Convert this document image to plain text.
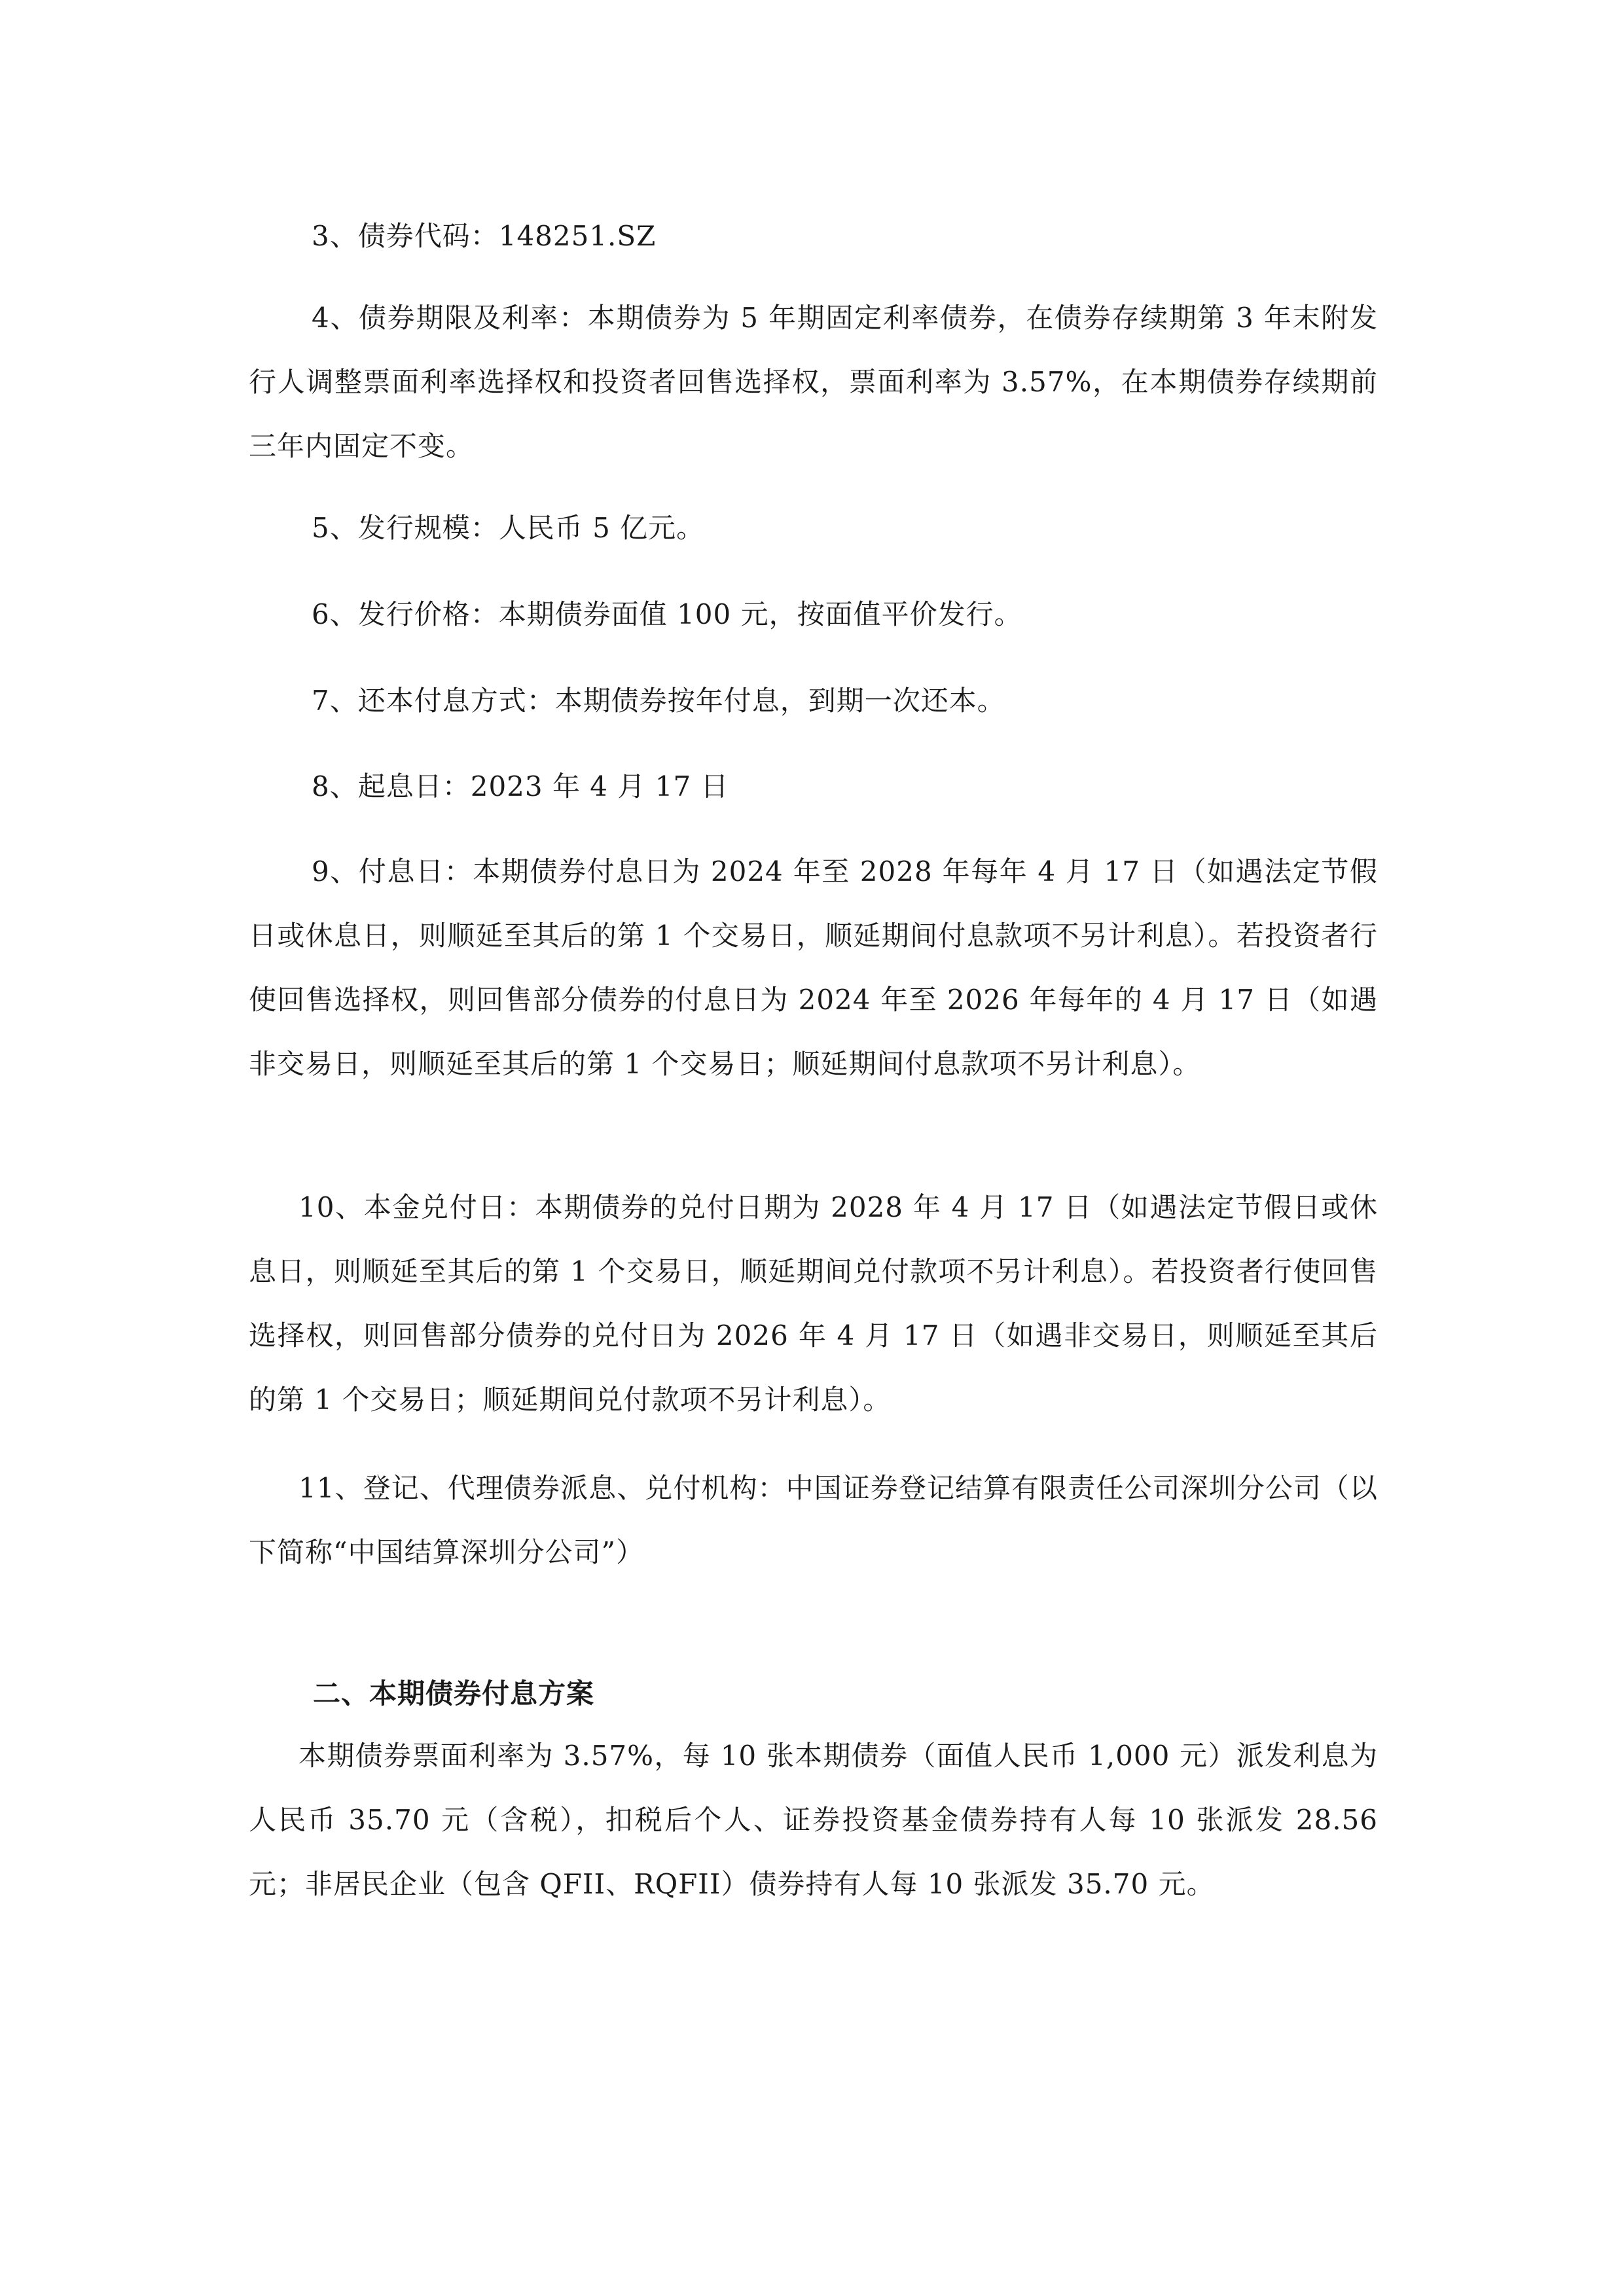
3、债券代码：148251.SZ

4、债券期限及利率：本期债券为 5 年期固定利率债券，在债券存续期第 3 年末附发行人调整票面利率选择权和投资者回售选择权，票面利率为 3.57%，在本期债券存续期前三年内固定不变。

5、发行规模：人民币 5 亿元。

6、发行价格：本期债券面值 100 元，按面值平价发行。

7、还本付息方式：本期债券按年付息，到期一次还本。

8、起息日：2023 年 4 月 17 日

9、付息日：本期债券付息日为 2024 年至 2028 年每年 4 月 17 日（如遇法定节假日或休息日，则顺延至其后的第 1 个交易日，顺延期间付息款项不另计利息）。若投资者行使回售选择权，则回售部分债券的付息日为 2024 年至 2026 年每年的 4 月 17 日（如遇非交易日，则顺延至其后的第 1 个交易日；顺延期间付息款项不另计利息）。

10、本金兑付日：本期债券的兑付日期为 2028 年 4 月 17 日（如遇法定节假日或休息日，则顺延至其后的第 1 个交易日，顺延期间兑付款项不另计利息）。若投资者行使回售选择权，则回售部分债券的兑付日为 2026 年 4 月 17 日（如遇非交易日，则顺延至其后的第 1 个交易日；顺延期间兑付款项不另计利息）。

11、登记、代理债券派息、兑付机构：中国证券登记结算有限责任公司深圳分公司（以下简称“中国结算深圳分公司”）

二、本期债券付息方案

本期债券票面利率为 3.57%，每 10 张本期债券（面值人民币 1,000 元）派发利息为人民币 35.70 元（含税），扣税后个人、证券投资基金债券持有人每 10 张派发 28.56 元；非居民企业（包含 QFII、RQFII）债券持有人每 10 张派发 35.70 元。
